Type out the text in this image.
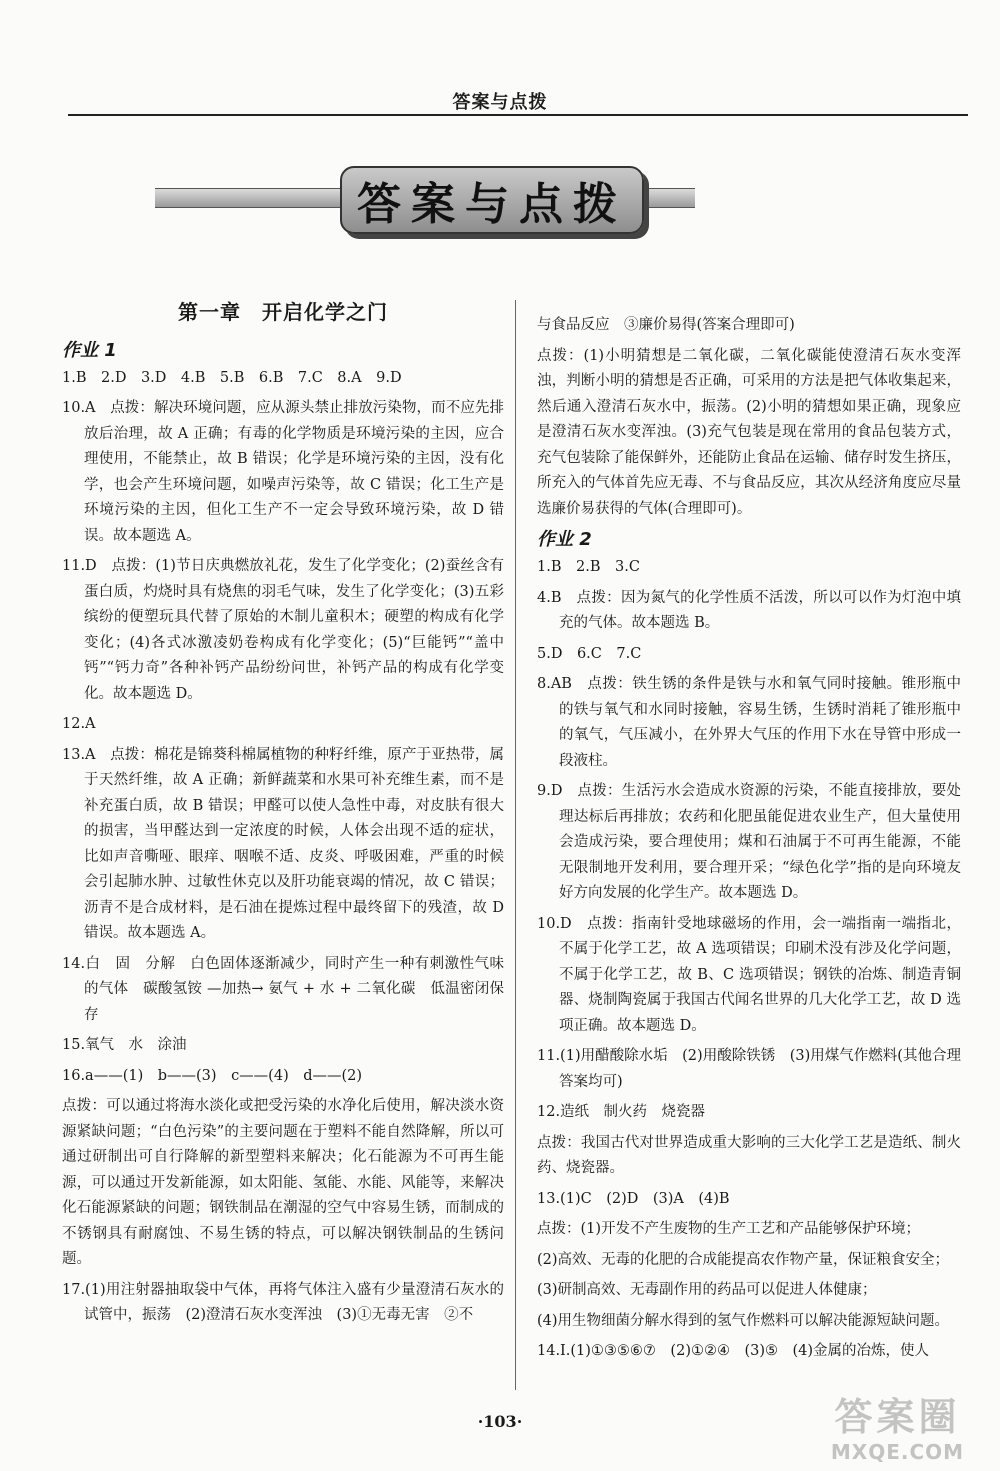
答案与点拨
答案与点拨
第一章　开启化学之门
作业 1

1.B　2.D　3.D　4.B　5.B　6.B　7.C　8.A　9.D

10.A　点拨：解决环境问题，应从源头禁止排放污染物，而不应先排放后治理，故 A 正确；有毒的化学物质是环境污染的主因，应合理使用，不能禁止，故 B 错误；化学是环境污染的主因，没有化学，也会产生环境问题，如噪声污染等，故 C 错误；化工生产是环境污染的主因，但化工生产不一定会导致环境污染，故 D 错误。故本题选 A。

11.D　点拨：(1)节日庆典燃放礼花，发生了化学变化；(2)蚕丝含有蛋白质，灼烧时具有烧焦的羽毛气味，发生了化学变化；(3)五彩缤纷的便塑玩具代替了原始的木制儿童积木；硬塑的构成有化学变化；(4)各式冰激凌奶卷构成有化学变化；(5)“巨能钙”“盖中钙”“钙力奇”各种补钙产品纷纷问世，补钙产品的构成有化学变化。故本题选 D。

12.A

13.A　点拨：棉花是锦葵科棉属植物的种籽纤维，原产于亚热带，属于天然纤维，故 A 正确；新鲜蔬菜和水果可补充维生素，而不是补充蛋白质，故 B 错误；甲醛可以使人急性中毒，对皮肤有很大的损害，当甲醛达到一定浓度的时候，人体会出现不适的症状，比如声音嘶哑、眼痒、咽喉不适、皮炎、呼吸困难，严重的时候会引起肺水肿、过敏性休克以及肝功能衰竭的情况，故 C 错误；沥青不是合成材料，是石油在提炼过程中最终留下的残渣，故 D 错误。故本题选 A。

14.白　固　分解　白色固体逐渐减少，同时产生一种有刺激性气味的气体　碳酸氢铵 —加热→ 氨气 + 水 + 二氧化碳　低温密闭保存

15.氧气　水　涂油

16.a——(1)　b——(3)　c——(4)　d——(2)

点拨：可以通过将海水淡化或把受污染的水净化后使用，解决淡水资源紧缺问题；“白色污染”的主要问题在于塑料不能自然降解，所以可通过研制出可自行降解的新型塑料来解决；化石能源为不可再生能源，可以通过开发新能源，如太阳能、氢能、水能、风能等，来解决化石能源紧缺的问题；钢铁制品在潮湿的空气中容易生锈，而制成的不锈钢具有耐腐蚀、不易生锈的特点，可以解决钢铁制品的生锈问题。

17.(1)用注射器抽取袋中气体，再将气体注入盛有少量澄清石灰水的试管中，振荡　(2)澄清石灰水变浑浊　(3)①无毒无害　②不

与食品反应　③廉价易得(答案合理即可)

点拨：(1)小明猜想是二氧化碳，二氧化碳能使澄清石灰水变浑浊，判断小明的猜想是否正确，可采用的方法是把气体收集起来，然后通入澄清石灰水中，振荡。(2)小明的猜想如果正确，现象应是澄清石灰水变浑浊。(3)充气包装是现在常用的食品包装方式，充气包装除了能保鲜外，还能防止食品在运输、储存时发生挤压，所充入的气体首先应无毒、不与食品反应，其次从经济角度应尽量选廉价易获得的气体(合理即可)。

作业 2

1.B　2.B　3.C

4.B　点拨：因为氮气的化学性质不活泼，所以可以作为灯泡中填充的气体。故本题选 B。

5.D　6.C　7.C

8.AB　点拨：铁生锈的条件是铁与水和氧气同时接触。锥形瓶中的铁与氧气和水同时接触，容易生锈，生锈时消耗了锥形瓶中的氧气，气压减小，在外界大气压的作用下水在导管中形成一段液柱。

9.D　点拨：生活污水会造成水资源的污染，不能直接排放，要处理达标后再排放；农药和化肥虽能促进农业生产，但大量使用会造成污染，要合理使用；煤和石油属于不可再生能源，不能无限制地开发利用，要合理开采；“绿色化学”指的是向环境友好方向发展的化学生产。故本题选 D。

10.D　点拨：指南针受地球磁场的作用，会一端指南一端指北，不属于化学工艺，故 A 选项错误；印刷术没有涉及化学问题，不属于化学工艺，故 B、C 选项错误；钢铁的冶炼、制造青铜器、烧制陶瓷属于我国古代闻名世界的几大化学工艺，故 D 选项正确。故本题选 D。

11.(1)用醋酸除水垢　(2)用酸除铁锈　(3)用煤气作燃料(其他合理答案均可)

12.造纸　制火药　烧瓷器

点拨：我国古代对世界造成重大影响的三大化学工艺是造纸、制火药、烧瓷器。

13.(1)C　(2)D　(3)A　(4)B

点拨：(1)开发不产生废物的生产工艺和产品能够保护环境；

(2)高效、无毒的化肥的合成能提高农作物产量，保证粮食安全；

(3)研制高效、无毒副作用的药品可以促进人体健康；

(4)用生物细菌分解水得到的氢气作燃料可以解决能源短缺问题。

14.Ⅰ.(1)①③⑤⑥⑦　(2)①②④　(3)⑤　(4)金属的冶炼，使人

·103·	答案圈
MXQE.COM
